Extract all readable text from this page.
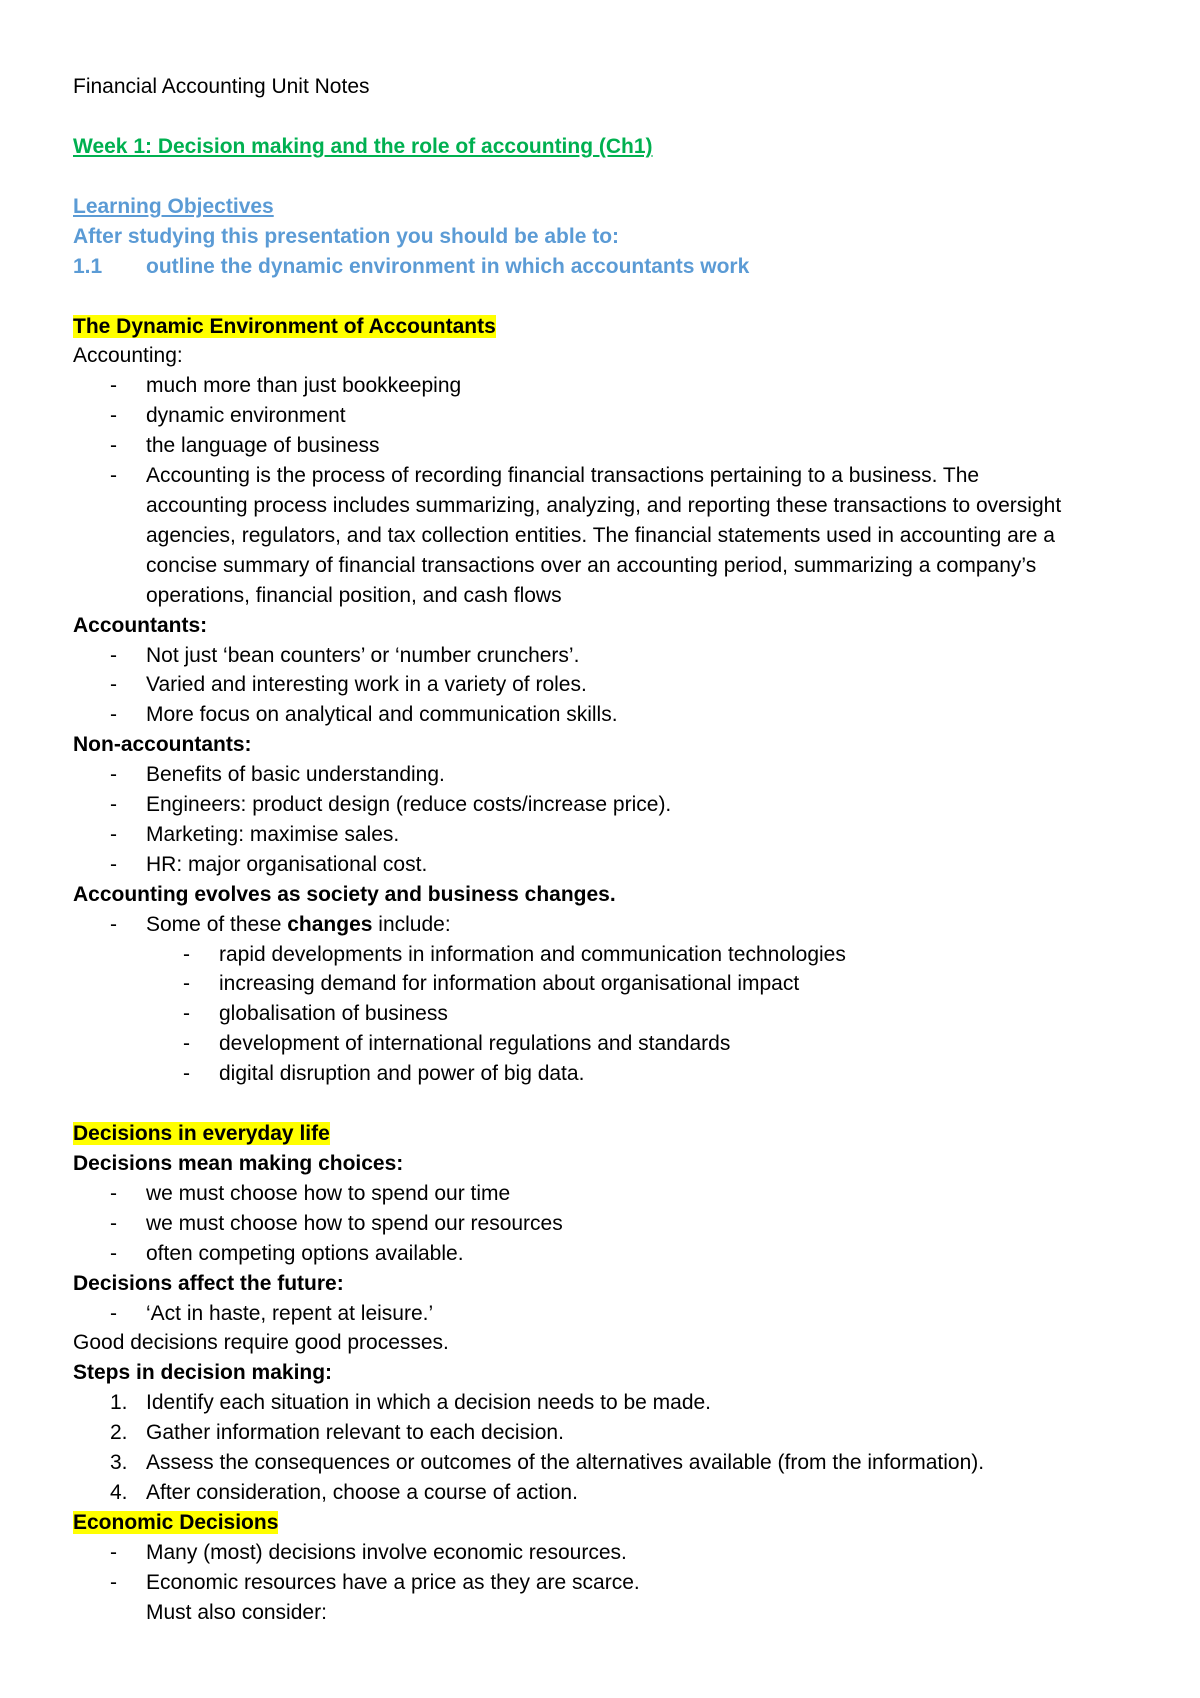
Financial Accounting Unit Notes
Week 1: Decision making and the role of accounting (Ch1)
Learning Objectives
After studying this presentation you should be able to:
1.1 outline the dynamic environment in which accountants work
The Dynamic Environment of Accountants
Accounting:
- much more than just bookkeeping
- dynamic environment
- the language of business
- Accounting is the process of recording financial transactions pertaining to a business. The
accounting process includes summarizing, analyzing, and reporting these transactions to oversight
agencies, regulators, and tax collection entities. The financial statements used in accounting are a
concise summary of financial transactions over an accounting period, summarizing a company’s
operations, financial position, and cash flows
Accountants:
- Not just ‘bean counters’ or ‘number crunchers’.
- Varied and interesting work in a variety of roles.
- More focus on analytical and communication skills.
Non-accountants:
- Benefits of basic understanding.
- Engineers: product design (reduce costs/increase price).
- Marketing: maximise sales.
- HR: major organisational cost.
Accounting evolves as society and business changes.
- Some of these changes include:
- rapid developments in information and communication technologies
- increasing demand for information about organisational impact
- globalisation of business
- development of international regulations and standards
- digital disruption and power of big data.
Decisions in everyday life
Decisions mean making choices:
- we must choose how to spend our time
- we must choose how to spend our resources
- often competing options available.
Decisions affect the future:
- ‘Act in haste, repent at leisure.’
Good decisions require good processes.
Steps in decision making:
1. Identify each situation in which a decision needs to be made.
2. Gather information relevant to each decision.
3. Assess the consequences or outcomes of the alternatives available (from the information).
4. After consideration, choose a course of action.
Economic Decisions
- Many (most) decisions involve economic resources.
- Economic resources have a price as they are scarce.
Must also consider:
